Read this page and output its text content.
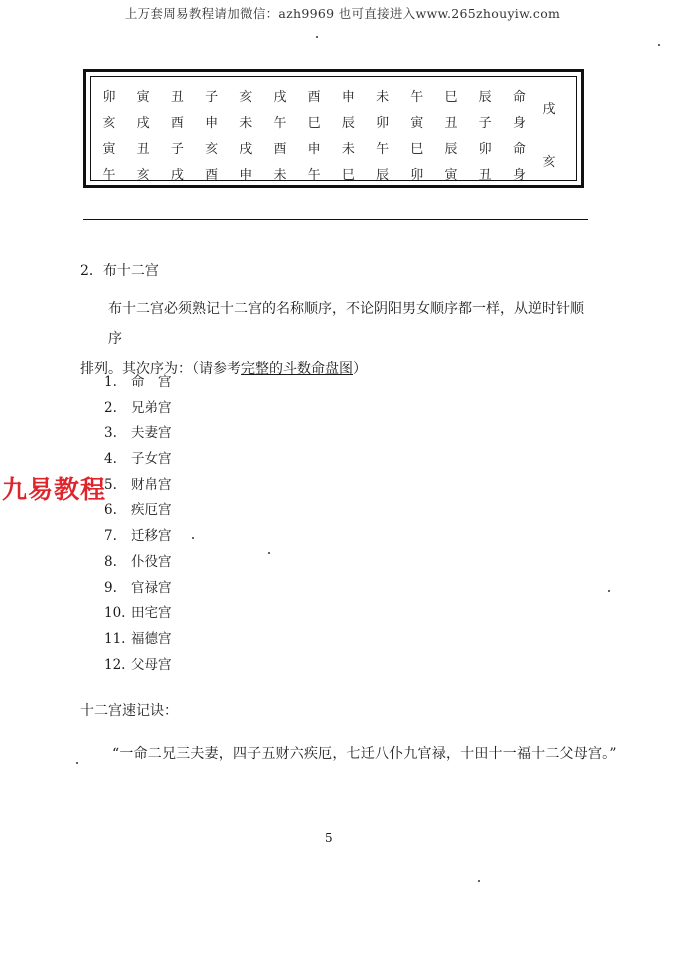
上万套周易教程请加微信：azh9969 也可直接进入www.265zhouyiw.com
卯	寅	丑	子	亥	戌	酉	申	未	午	巳	辰	命
亥	戌	酉	申	未	午	巳	辰	卯	寅	丑	子	身
寅	丑	子	亥	戌	酉	申	未	午	巳	辰	卯	命
午	亥	戌	酉	申	未	午	巳	辰	卯	寅	丑	身
戌
亥
2．布十二宫
布十二宫必须熟记十二宫的名称顺序，不论阴阳男女顺序都一样，从逆时针顺序
排列。其次序为：（请参考完整的斗数命盘图）
1. 命　宫
2. 兄弟宫
3. 夫妻宫
4. 子女宫
5. 财帛宫
6. 疾厄宫
7. 迁移宫
8. 仆役宫
9. 官禄宫
10. 田宅宫
11. 福德宫
12. 父母宫
九易教程
十二宫速记诀：
“一命二兄三夫妻，四子五财六疾厄，七迁八仆九官禄，十田十一福十二父母宫。”
5
